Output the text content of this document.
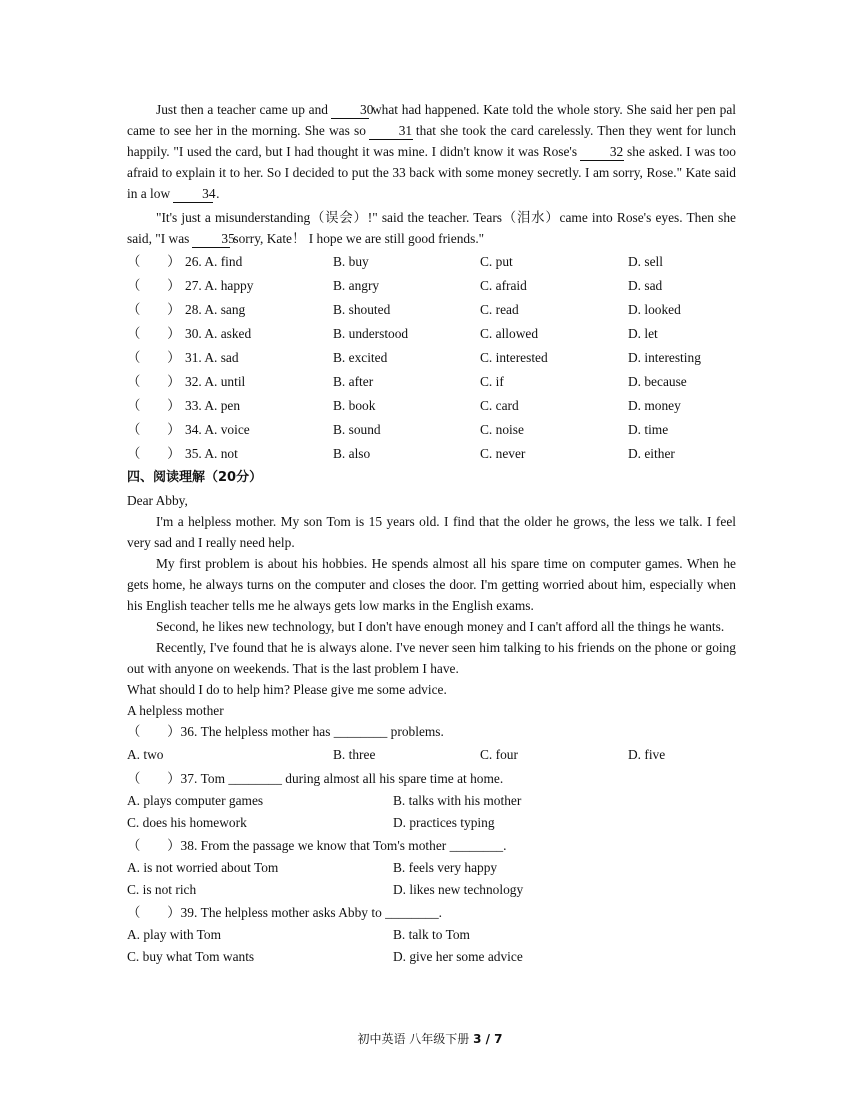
Just then a teacher came up and 30what had happened. Kate told the whole story. She said her pen pal came to see her in the morning. She was so 31 that she took the card carelessly. Then they went for lunch happily. "I used the card, but I had thought it was mine. I didn't know it was Rose's 32 she asked. I was too afraid to explain it to her. So I decided to put the 33 back with some money secretly. I am sorry, Rose." Kate said in a low 34.

"It's just a misunderstanding（误会）!" said the teacher. Tears（泪水）came into Rose's eyes. Then she said, "I was 35sorry, Kate！ I hope we are still good friends."

（　　） 26. A. find	B. buy	C. put	D. sell
（　　） 27. A. happy	B. angry	C. afraid	D. sad
（　　） 28. A. sang	B. shouted	C. read	D. looked
（　　） 30. A. asked	B. understood	C. allowed	D. let
（　　） 31. A. sad	B. excited	C. interested	D. interesting
（　　） 32. A. until	B. after	C. if	D. because
（　　） 33. A. pen	B. book	C. card	D. money
（　　） 34. A. voice	B. sound	C. noise	D. time
（　　） 35. A. not	B. also	C. never	D. either
四、阅读理解（20分）

Dear Abby,

I'm a helpless mother. My son Tom is 15 years old. I find that the older he grows, the less we talk. I feel very sad and I really need help.

My first problem is about his hobbies. He spends almost all his spare time on computer games. When he gets home, he always turns on the computer and closes the door. I'm getting worried about him, especially when his English teacher tells me he always gets low marks in the English exams.

Second, he likes new technology, but I don't have enough money and I can't afford all the things he wants.

Recently, I've found that he is always alone. I've never seen him talking to his friends on the phone or going out with anyone on weekends. That is the last problem I have.

What should I do to help him? Please give me some advice.

A helpless mother

（　　）36. The helpless mother has ________ problems.
A. two	B. three	C. four	D. five
（　　）37. Tom ________ during almost all his spare time at home.
A. plays computer games	B. talks with his mother
C. does his homework	D. practices typing
（　　）38. From the passage we know that Tom's mother ________.
A. is not worried about Tom	B. feels very happy
C. is not rich	D. likes new technology
（　　）39. The helpless mother asks Abby to ________.
A. play with Tom	B. talk to Tom
C. buy what Tom wants	D. give her some advice
初中英语 八年级下册 3 / 7
